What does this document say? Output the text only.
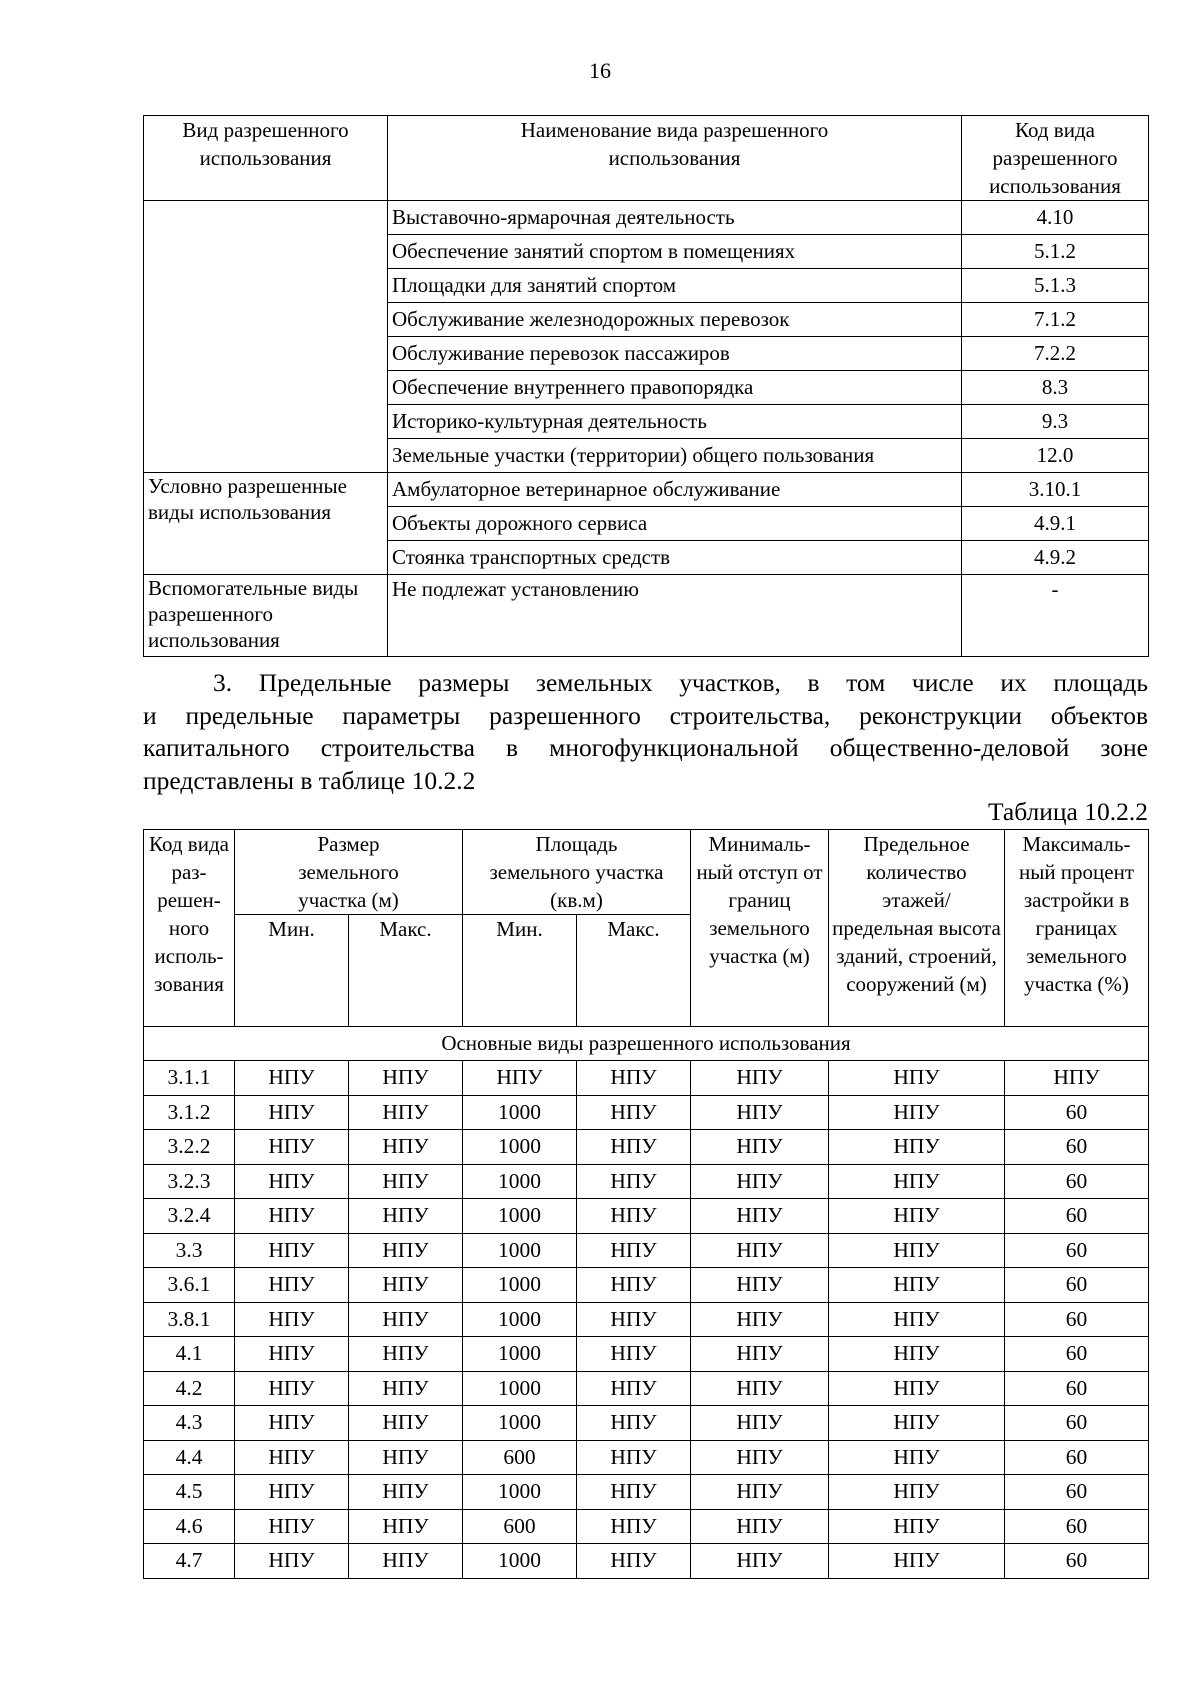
16
Вид разрешенного использования	Наименование вида разрешенного использования	Код вида разрешенного использования
	Выставочно-ярмарочная деятельность	4.10
	Обеспечение занятий спортом в помещениях	5.1.2
	Площадки для занятий спортом	5.1.3
	Обслуживание железнодорожных перевозок	7.1.2
	Обслуживание перевозок пассажиров	7.2.2
	Обеспечение внутреннего правопорядка	8.3
	Историко-культурная деятельность	9.3
	Земельные участки (территории) общего пользования	12.0
Условно разрешенные виды использования	Амбулаторное ветеринарное обслуживание	3.10.1
	Объекты дорожного сервиса	4.9.1
	Стоянка транспортных средств	4.9.2
Вспомогательные виды разрешенного использования	Не подлежат установлению	-
3. Предельные размеры земельных участков, в том числе их площадь
и предельные параметры разрешенного строительства, реконструкции объектов
капитального строительства в многофункциональной общественно-деловой зоне
представлены в таблице 10.2.2
Таблица 10.2.2
Код вида раз- решен- ного исполь- зования	Размер земельного участка (м)		Площадь земельного участка (кв.м)		Минималь- ный отступ от границ земельного участка (м)	Предельное количество этажей/ предельная высота зданий, строений, сооружений (м)	Максималь- ный процент застройки в границах земельного участка (%)
	Мин.	Макс.	Мин.	Макс.			
Основные виды разрешенного использования							
3.1.1	НПУ	НПУ	НПУ	НПУ	НПУ	НПУ	НПУ
3.1.2	НПУ	НПУ	1000	НПУ	НПУ	НПУ	60
3.2.2	НПУ	НПУ	1000	НПУ	НПУ	НПУ	60
3.2.3	НПУ	НПУ	1000	НПУ	НПУ	НПУ	60
3.2.4	НПУ	НПУ	1000	НПУ	НПУ	НПУ	60
3.3	НПУ	НПУ	1000	НПУ	НПУ	НПУ	60
3.6.1	НПУ	НПУ	1000	НПУ	НПУ	НПУ	60
3.8.1	НПУ	НПУ	1000	НПУ	НПУ	НПУ	60
4.1	НПУ	НПУ	1000	НПУ	НПУ	НПУ	60
4.2	НПУ	НПУ	1000	НПУ	НПУ	НПУ	60
4.3	НПУ	НПУ	1000	НПУ	НПУ	НПУ	60
4.4	НПУ	НПУ	600	НПУ	НПУ	НПУ	60
4.5	НПУ	НПУ	1000	НПУ	НПУ	НПУ	60
4.6	НПУ	НПУ	600	НПУ	НПУ	НПУ	60
4.7	НПУ	НПУ	1000	НПУ	НПУ	НПУ	60
